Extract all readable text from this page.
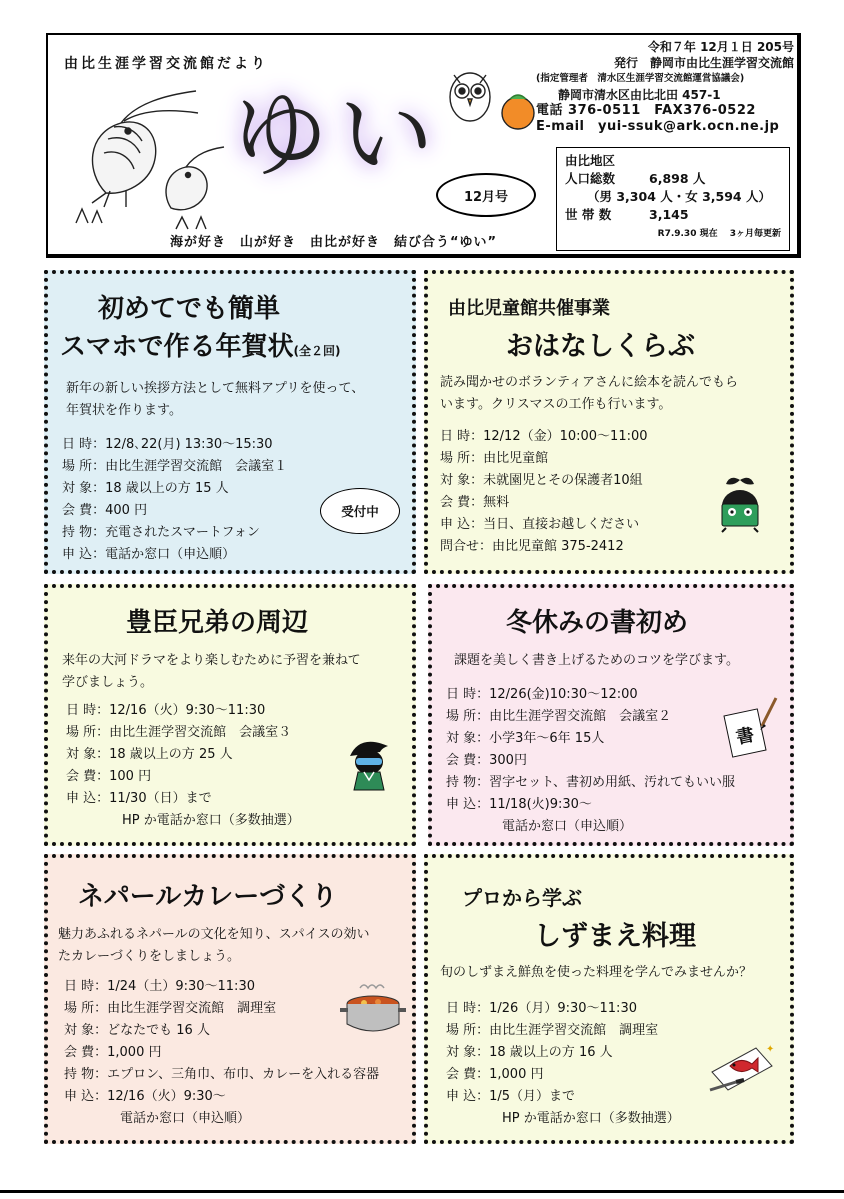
由比生涯学習交流館だより
ゆい
12月号
海が好き　山が好き　由比が好き　結び合う“ゆい”
令和７年 12月１日 205号
発行　静岡市由比生涯学習交流館
(指定管理者　清水区生涯学習交流館運営協議会)
静岡市清水区由比北田 457-1
電話 376-0511　FAX376-0522
E-mail　yui-ssuk@ark.ocn.ne.jp
由比地区
人口総数	6,898 人
（男 3,304 人・女 3,594 人）
世 帯 数	3,145
R7.9.30 現在　 3ヶ月毎更新
初めてでも簡単
スマホで作る年賀状(全２回)
新年の新しい挨拶方法として無料アプリを使って、
年賀状を作ります。
日 時：12/8､22(月) 13:30～15:30
場 所：由比生涯学習交流館　会議室１
対 象：18 歳以上の方 15 人
会 費：400 円
持 物：充電されたスマートフォン
申 込：電話か窓口（申込順）
受付中
由比児童館共催事業
おはなしくらぶ
読み聞かせのボランティアさんに絵本を読んでもら
います。クリスマスの工作も行います。
日 時：12/12（金）10:00～11:00
場 所：由比児童館
対 象：未就園児とその保護者10組
会 費：無料
申 込：当日、直接お越しください
問合せ：由比児童館 375-2412
豊臣兄弟の周辺
来年の大河ドラマをより楽しむために予習を兼ねて
学びましょう。
日 時：12/16（火）9:30～11:30
場 所：由比生涯学習交流館　会議室３
対 象：18 歳以上の方 25 人
会 費：100 円
申 込：11/30（日）まで
HP か電話か窓口（多数抽選）
冬休みの書初め
課題を美しく書き上げるためのコツを学びます。
日 時：12/26(金)10:30～12:00
場 所：由比生涯学習交流館　会議室２
対 象：小学3年～6年 15人
会 費：300円
持 物：習字セット、書初め用紙、汚れてもいい服
申 込：11/18(火)9:30～
電話か窓口（申込順）
書
ネパールカレーづくり
魅力あふれるネパールの文化を知り、スパイスの効い
たカレーづくりをしましょう。
日 時：1/24（土）9:30～11:30
場 所：由比生涯学習交流館　調理室
対 象：どなたでも 16 人
会 費：1,000 円
持 物：エプロン、三角巾、布巾、カレーを入れる容器
申 込：12/16（火）9:30～
電話か窓口（申込順）
プロから学ぶ
しずまえ料理
旬のしずまえ鮮魚を使った料理を学んでみませんか？
日 時：1/26（月）9:30～11:30
場 所：由比生涯学習交流館　調理室
対 象：18 歳以上の方 16 人
会 費：1,000 円
申 込：1/5（月）まで
HP か電話か窓口（多数抽選）
✦
